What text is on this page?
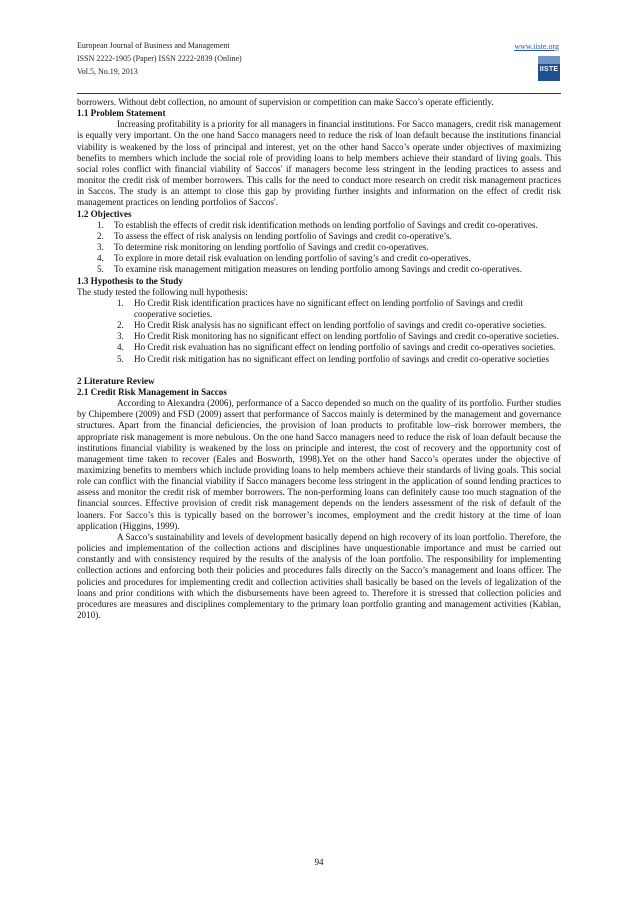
European Journal of Business and Management
ISSN 2222-1905 (Paper) ISSN 2222-2839 (Online)
Vol.5, No.19, 2013
www.iiste.org
IISTE

borrowers. Without debt collection, no amount of supervision or competition can make Sacco’s operate efficiently.

1.1 Problem Statement

Increasing profitability is a priority for all managers in financial institutions. For Sacco managers, credit risk management is equally very important. On the one hand Sacco managers need to reduce the risk of loan default because the institutions financial viability is weakened by the loss of principal and interest, yet on the other hand Sacco’s operate under objectives of maximizing benefits to members which include the social role of providing loans to help members achieve their standard of living goals. This social roles conflict with financial viability of Saccos' if managers become less stringent in the lending practices to assess and monitor the credit risk of member borrowers. This calls for the need to conduct more research on credit risk management practices in Saccos. The study is an attempt to close this gap by providing further insights and information on the effect of credit risk management practices on lending portfolios of Saccos'.

1.2 Objectives
1. To establish the effects of credit risk identification methods on lending portfolio of Savings and credit co-operatives.
2. To assess the effect of risk analysis on lending portfolio of Savings and credit co-operative’s.
3. To determine risk monitoring on lending portfolio of Savings and credit co-operatives.
4. To explore in more detail risk evaluation on lending portfolio of saving’s and credit co-operatives.
5. To examine risk management mitigation measures on lending portfolio among Savings and credit co-operatives.
1.3 Hypothesis to the Study

The study tested the following null hypothesis:

1. Ho Credit Risk identification practices have no significant effect on lending portfolio of Savings and credit cooperative societies.
2. Ho Credit Risk analysis has no significant effect on lending portfolio of savings and credit co-operative societies.
3. Ho Credit Risk monitoring has no significant effect on lending portfolio of Savings and credit co-operative societies.
4. Ho Credit risk evaluation has no significant effect on lending portfolio of savings and credit co-operatives societies.
5. Ho Credit risk mitigation has no significant effect on lending portfolio of savings and credit co-operative societies
2 Literature Review
2.1 Credit Risk Management in Saccos

According to Alexandra (2006), performance of a Sacco depended so much on the quality of its portfolio. Further studies by Chipembere (2009) and FSD (2009) assert that performance of Saccos mainly is determined by the management and governance structures. Apart from the financial deficiencies, the provision of loan products to profitable low–risk borrower members, the appropriate risk management is more nebulous. On the one hand Sacco managers need to reduce the risk of loan default because the institutions financial viability is weakened by the loss on principle and interest, the cost of recovery and the opportunity cost of management time taken to recover (Eales and Bosworth, 1998).Yet on the other hand Sacco’s operates under the objective of maximizing benefits to members which include providing loans to help members achieve their standards of living goals. This social role can conflict with the financial viability if Sacco managers become less stringent in the application of sound lending practices to assess and monitor the credit risk of member borrowers. The non-performing loans can definitely cause too much stagnation of the financial sources. Effective provision of credit risk management depends on the lenders assessment of the risk of default of the loaners. For Sacco’s this is typically based on the borrower’s incomes, employment and the credit history at the time of loan application (Higgins, 1999).

A Sacco’s sustainability and levels of development basically depend on high recovery of its loan portfolio. Therefore, the policies and implementation of the collection actions and disciplines have unquestionable importance and must be carried out constantly and with consistency required by the results of the analysis of the loan portfolio. The responsibility for implementing collection actions and enforcing both their policies and procedures falls directly on the Sacco’s management and loans officer. The policies and procedures for implementing credit and collection activities shall basically be based on the levels of legalization of the loans and prior conditions with which the disbursements have been agreed to. Therefore it is stressed that collection policies and procedures are measures and disciplines complementary to the primary loan portfolio granting and management activities (Kablan, 2010).

94
